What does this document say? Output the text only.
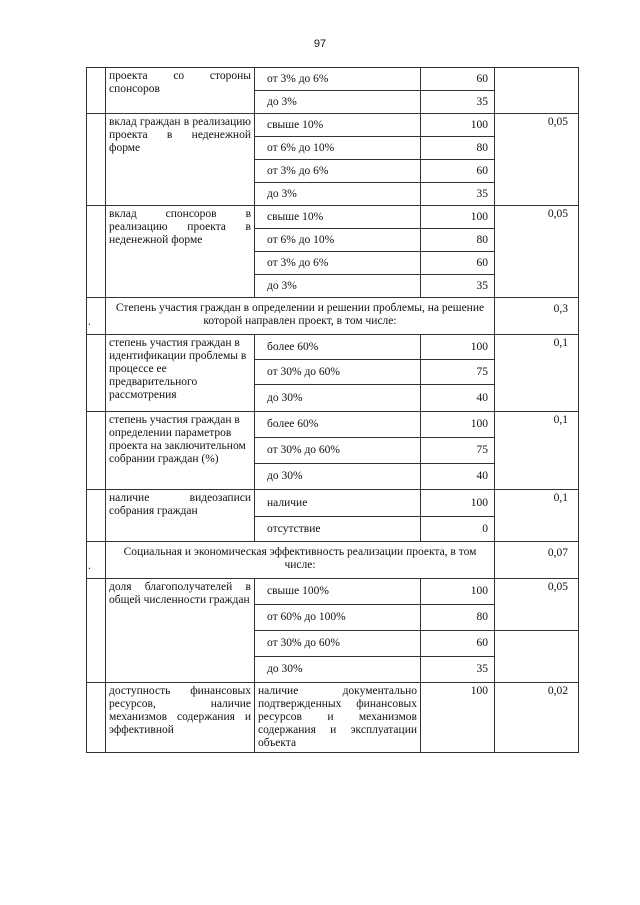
97
	проекта со стороны спонсоров	от 3% до 6%	60	
		до 3%	35	
	вклад граждан в реализацию проекта в неденежной форме	свыше 10%	100	0,05
		от 6% до 10%	80	
		от 3% до 6%	60	
		до 3%	35	
	вклад спонсоров в реализацию проекта в неденежной форме	свыше 10%	100	0,05
		от 6% до 10%	80	
		от 3% до 6%	60	
		до 3%	35	

.	Степень участия граждан в определении и решении проблемы, на решение которой направлен проект, в том числе:			0,3
	степень участия граждан в идентификации проблемы в процессе ее предварительного рассмотрения	более 60%	100	0,1
		от 30% до 60%	75	
		до 30%	40	
	степень участия граждан в определении параметров проекта на заключительном собрании граждан (%)	более 60%	100	0,1
		от 30% до 60%	75	
		до 30%	40	
	наличие видеозаписи собрания граждан	наличие	100	0,1
		отсутствие	0	

.	Социальная и экономическая эффективность реализации проекта, в том числе:			0,07
	доля благополучателей в общей численности граждан	свыше 100%	100	0,05
		от 60% до 100%	80	
		от 30% до 60%	60	
		до 30%	35	
	доступность финансовых ресурсов, наличие механизмов содержания и эффективной	наличие документально подтвержденных финансовых ресурсов и механизмов содержания и эксплуатации объекта	100	0,02
